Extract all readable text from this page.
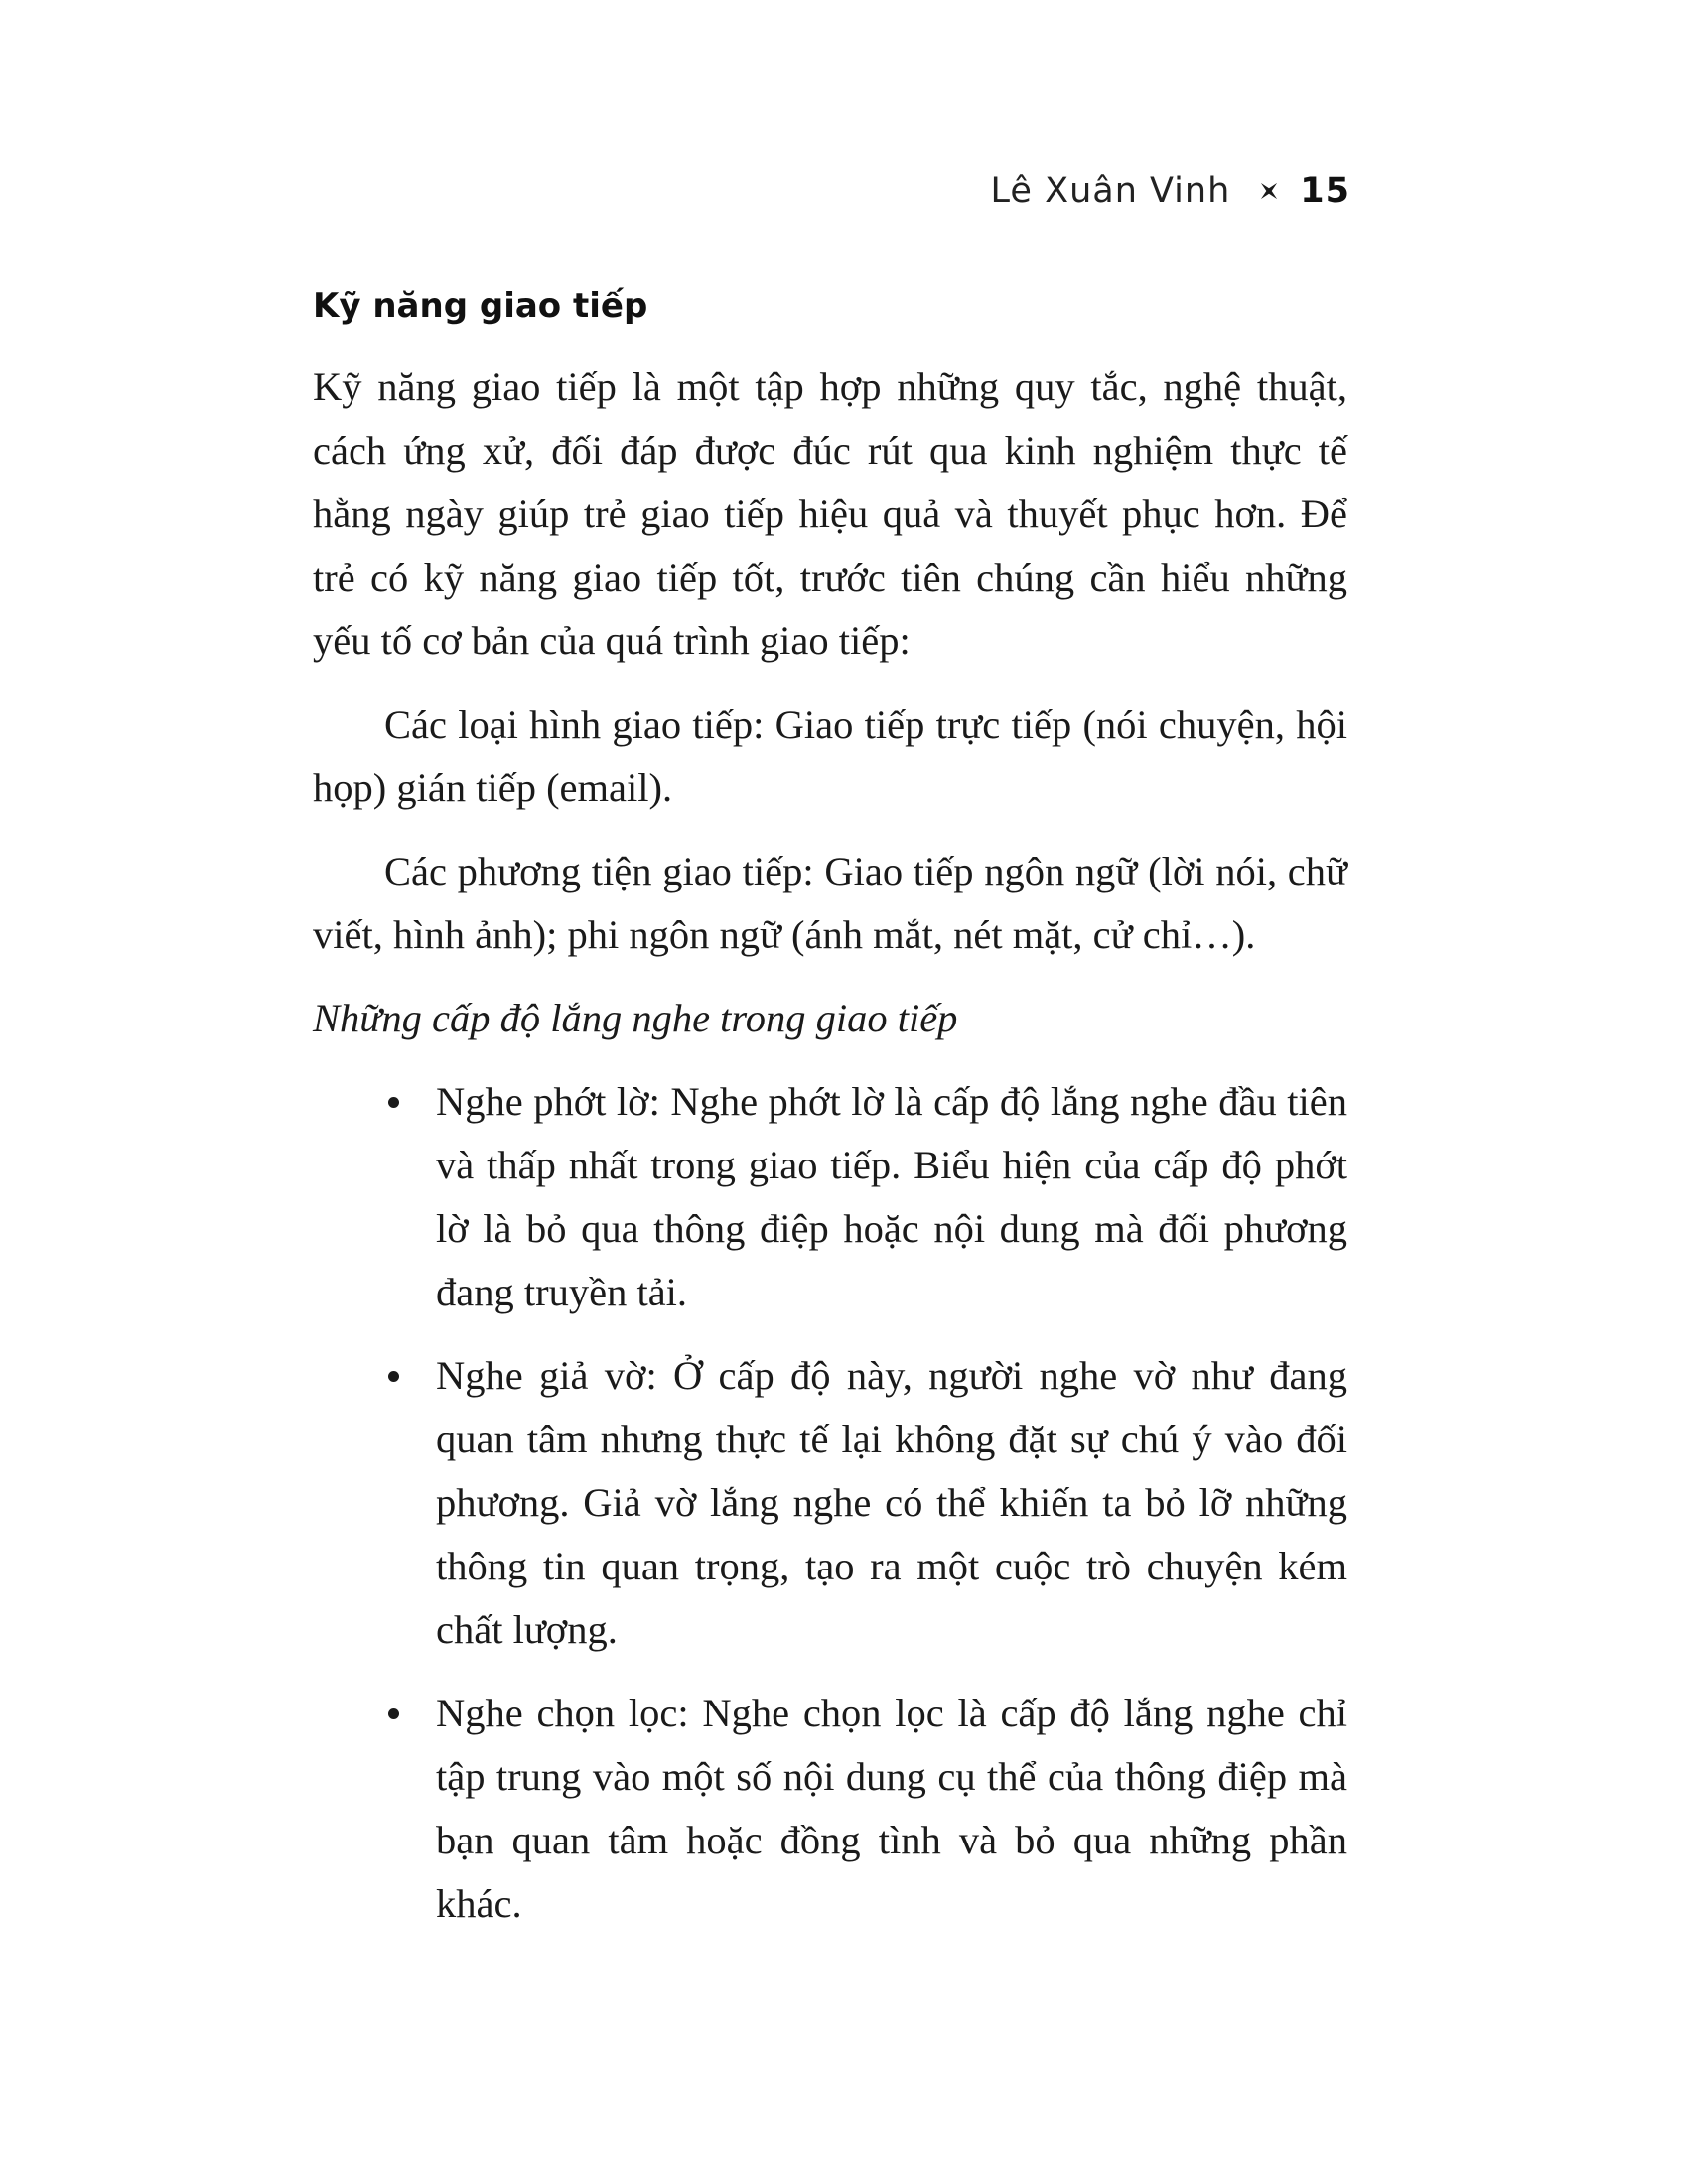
Lê Xuân Vinh 15
Kỹ năng giao tiếp

Kỹ năng giao tiếp là một tập hợp những quy tắc, nghệ thuật, cách ứng xử, đối đáp được đúc rút qua kinh nghiệm thực tế hằng ngày giúp trẻ giao tiếp hiệu quả và thuyết phục hơn. Để trẻ có kỹ năng giao tiếp tốt, trước tiên chúng cần hiểu những yếu tố cơ bản của quá trình giao tiếp:

Các loại hình giao tiếp: Giao tiếp trực tiếp (nói chuyện, hội họp) gián tiếp (email).

Các phương tiện giao tiếp: Giao tiếp ngôn ngữ (lời nói, chữ viết, hình ảnh); phi ngôn ngữ (ánh mắt, nét mặt, cử chỉ…).

Những cấp độ lắng nghe trong giao tiếp

Nghe phớt lờ: Nghe phớt lờ là cấp độ lắng nghe đầu tiên và thấp nhất trong giao tiếp. Biểu hiện của cấp độ phớt lờ là bỏ qua thông điệp hoặc nội dung mà đối phương đang truyền tải.
Nghe giả vờ: Ở cấp độ này, người nghe vờ như đang quan tâm nhưng thực tế lại không đặt sự chú ý vào đối phương. Giả vờ lắng nghe có thể khiến ta bỏ lỡ những thông tin quan trọng, tạo ra một cuộc trò chuyện kém chất lượng.
Nghe chọn lọc: Nghe chọn lọc là cấp độ lắng nghe chỉ tập trung vào một số nội dung cụ thể của thông điệp mà bạn quan tâm hoặc đồng tình và bỏ qua những phần khác.
